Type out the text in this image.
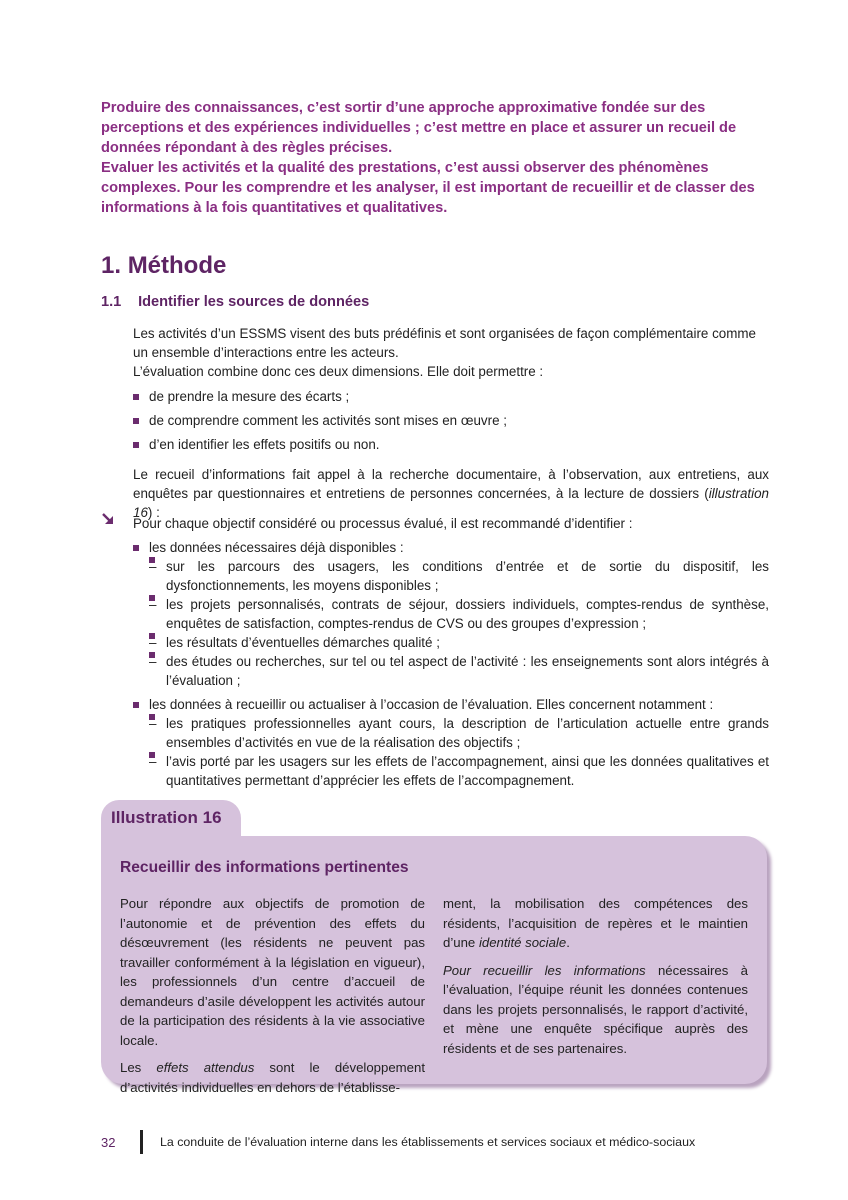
Produire des connaissances, c’est sortir d’une approche approximative fondée sur des perceptions et des expériences individuelles ; c’est mettre en place et assurer un recueil de données répondant à des règles précises.

Evaluer les activités et la qualité des prestations, c’est aussi observer des phénomènes complexes. Pour les comprendre et les analyser, il est important de recueillir et de classer des informations à la fois quantitatives et qualitatives.

1. Méthode
1.1 Identifier les sources de données

Les activités d’un ESSMS visent des buts prédéfinis et sont organisées de façon complémentaire comme un ensemble d’interactions entre les acteurs.

L’évaluation combine donc ces deux dimensions. Elle doit permettre :

de prendre la mesure des écarts ;
de comprendre comment les activités sont mises en œuvre ;
d’en identifier les effets positifs ou non.

Le recueil d’informations fait appel à la recherche documentaire, à l’observation, aux entretiens, aux enquêtes par questionnaires et entretiens de personnes concernées, à la lecture de dossiers (illustration 16) :

Pour chaque objectif considéré ou processus évalué, il est recommandé d’identifier :

les données nécessaires déjà disponibles :
– sur les parcours des usagers, les conditions d’entrée et de sortie du dispositif, les dysfonctionnements, les moyens disponibles ;
– les projets personnalisés, contrats de séjour, dossiers individuels, comptes-rendus de synthèse, enquêtes de satisfaction, comptes-rendus de CVS ou des groupes d’expression ;
– les résultats d’éventuelles démarches qualité ;
– des études ou recherches, sur tel ou tel aspect de l’activité : les enseignements sont alors intégrés à l’évaluation ;
les données à recueillir ou actualiser à l’occasion de l’évaluation. Elles concernent notamment :
– les pratiques professionnelles ayant cours, la description de l’articulation actuelle entre grands ensembles d’activités en vue de la réalisation des objectifs ;
– l’avis porté par les usagers sur les effets de l’accompagnement, ainsi que les données qualitatives et quantitatives permettant d’apprécier les effets de l’accompagnement.
Illustration 16
Recueillir des informations pertinentes

Pour répondre aux objectifs de promotion de l’autonomie et de prévention des effets du désœuvrement (les résidents ne peuvent pas travailler conformément à la législation en vigueur), les professionnels d’un centre d’accueil de demandeurs d’asile développent les activités autour de la participation des résidents à la vie associative locale.

Les effets attendus sont le développement d’activités individuelles en dehors de l’établisse-

ment, la mobilisation des compétences des résidents, l’acquisition de repères et le maintien d’une identité sociale.

Pour recueillir les informations nécessaires à l’évaluation, l’équipe réunit les données contenues dans les projets personnalisés, le rapport d’activité, et mène une enquête spécifique auprès des résidents et de ses partenaires.

32	La conduite de l’évaluation interne dans les établissements et services sociaux et médico-sociaux
